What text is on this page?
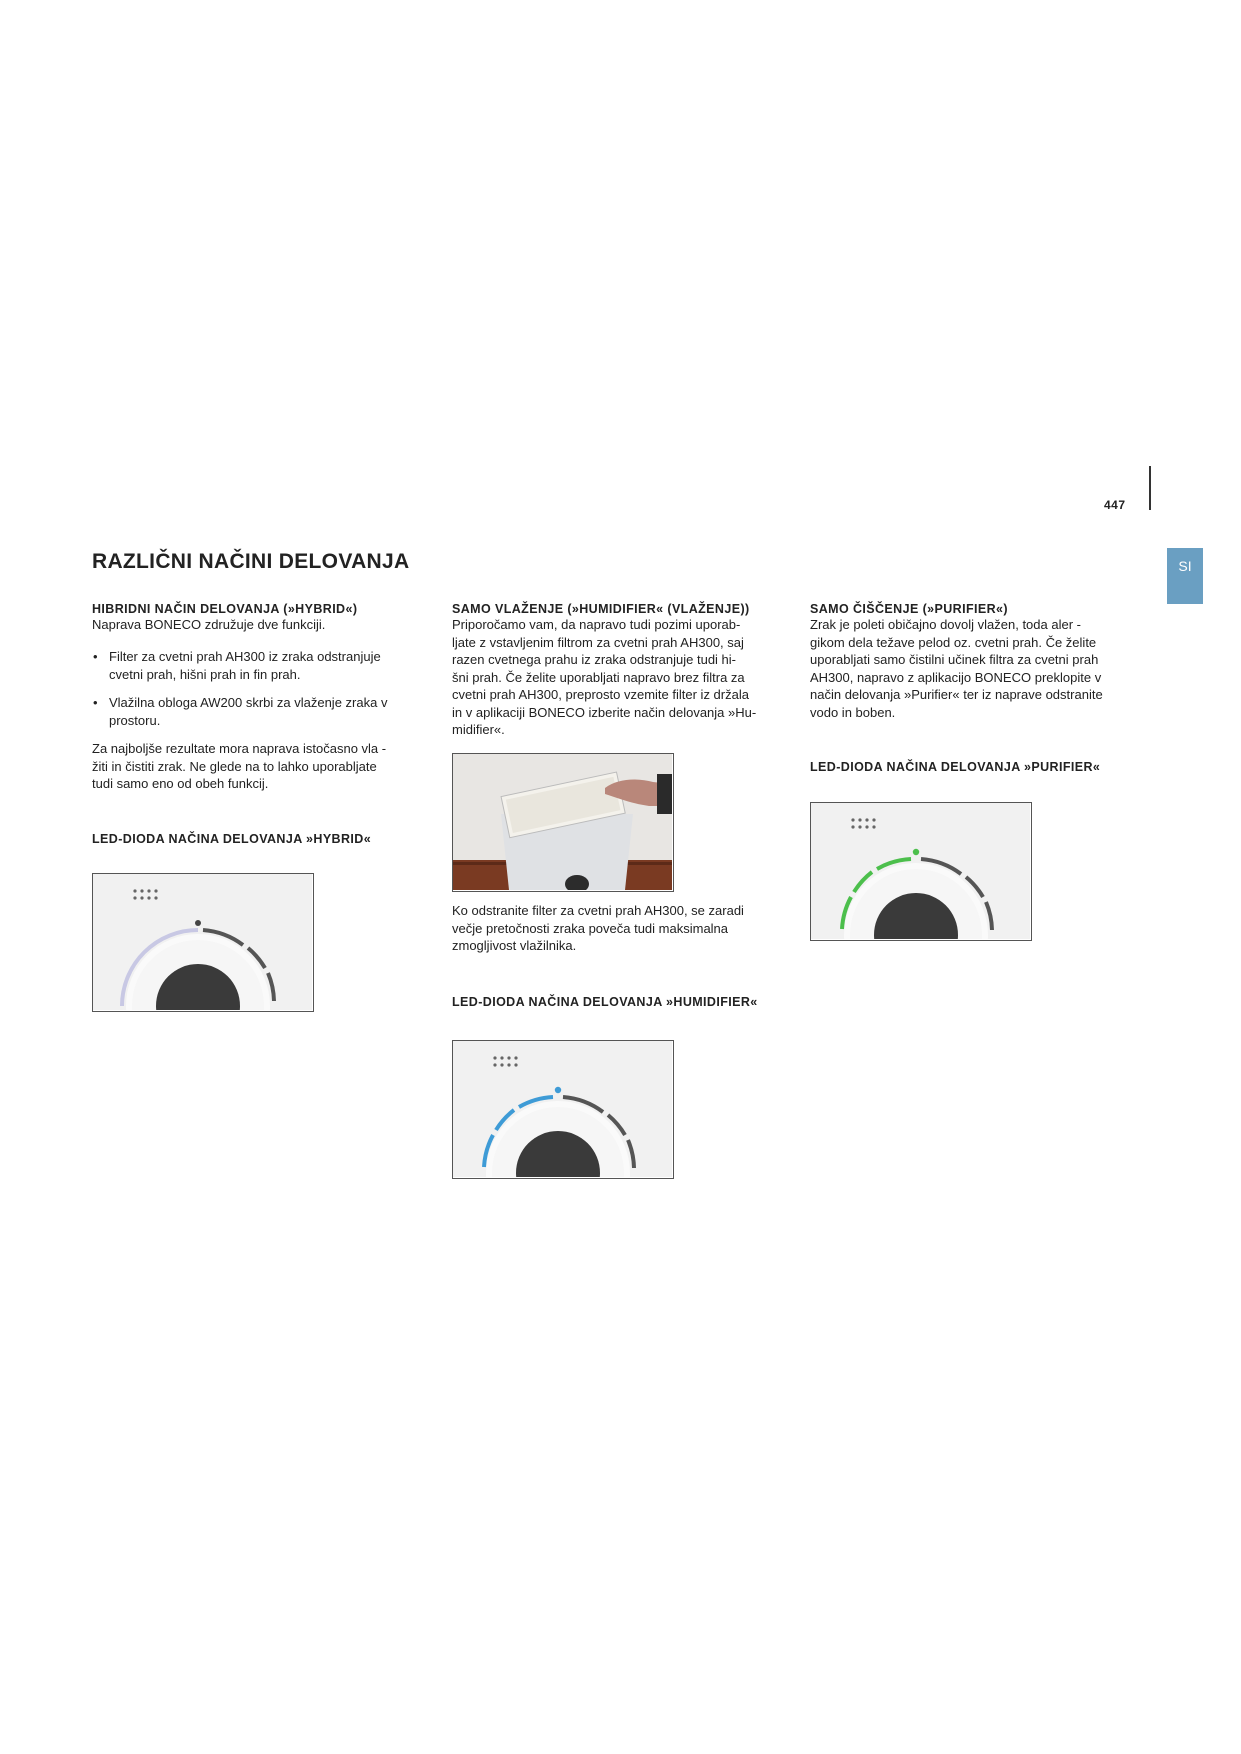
447
SI
RAZLIČNI NAČINI DELOVANJA
HIBRIDNI NAČIN DELOVANJA (»HYBRID«)

Naprava BONECO združuje dve funkciji.

• Filter za cvetni prah AH300 iz zraka odstranjuje
cvetni prah, hišni prah in fin prah.
• Vlažilna obloga AW200 skrbi za vlaženje zraka v
prostoru.
Za najboljše rezultate mora naprava istočasno vla -
žiti in čistiti zrak. Ne glede na to lahko uporabljate
tudi samo eno od obeh funkcij.
LED-DIODA NAČINA DELOVANJA »HYBRID«
SAMO VLAŽENJE (»HUMIDIFIER« (VLAŽENJE))
Priporočamo vam, da napravo tudi pozimi uporab-
ljate z vstavljenim filtrom za cvetni prah AH300, saj
razen cvetnega prahu iz zraka odstranjuje tudi hi-
šni prah. Če želite uporabljati napravo brez filtra za
cvetni prah AH300, preprosto vzemite filter iz držala
in v aplikaciji BONECO izberite način delovanja »Hu-
midifier«.
Ko odstranite filter za cvetni prah AH300, se zaradi
večje pretočnosti zraka poveča tudi maksimalna
zmogljivost vlažilnika.
LED-DIODA NAČINA DELOVANJA »HUMIDIFIER«
SAMO ČIŠČENJE (»PURIFIER«)
Zrak je poleti običajno dovolj vlažen, toda aler -
gikom dela težave pelod oz. cvetni prah. Če želite
uporabljati samo čistilni učinek filtra za cvetni prah
AH300, napravo z aplikacijo BONECO preklopite v
način delovanja »Purifier« ter iz naprave odstranite
vodo in boben.
LED-DIODA NAČINA DELOVANJA »PURIFIER«
